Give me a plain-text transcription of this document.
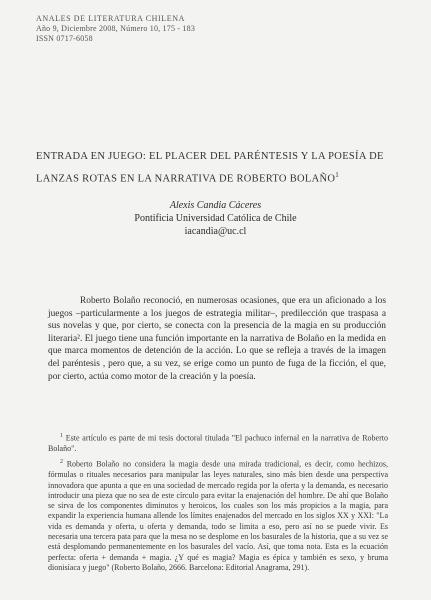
ANALES DE LITERATURA CHILENA
Año 9, Diciembre 2008, Número 10, 175 - 183
ISSN 0717-6058
ENTRADA EN JUEGO: EL PLACER DEL PARÉNTESIS Y LA POESÍA DE
LANZAS ROTAS EN LA NARRATIVA DE ROBERTO BOLAÑO$^1$
Alexis Candia Cáceres
Pontificia Universidad Católica de Chile
iacandia@uc.cl

Roberto Bolaño reconoció, en numerosas ocasiones, que era un aficionado a los juegos –particularmente a los juegos de estrategia militar–, predilección que traspasa a sus novelas y que, por cierto, se conecta con la presencia de la magia en su producción literaria². El juego tiene una función importante en la narrativa de Bolaño en la medida en que marca momentos de detención de la acción. Lo que se refleja a través de la imagen del paréntesis , pero que, a su vez, se erige como un punto de fuga de la ficción, el que, por cierto, actúa como motor de la creación y la poesía.

$^1$ Este artículo es parte de mi tesis doctoral titulada "El pachuco infernal en la narrativa de Roberto Bolaño".

$^2$ Roberto Bolaño no considera la magia desde una mirada tradicional, es decir, como hechizos, fórmulas o rituales necesarios para manipular las leyes naturales, sino más bien desde una perspectiva innovadora que apunta a que en una sociedad de mercado regida por la oferta y la demanda, es necesario introducir una pieza que no sea de este círculo para evitar la enajenación del hombre. De ahí que Bolaño se sirva de los componentes diminutos y heroicos, los cuales son los más propicios a la magia, para expandir la experiencia humana allende los límites enajenados del mercado en los siglos XX y XXI: "La vida es demanda y oferta, u oferta y demanda, todo se limita a eso, pero así no se puede vivir. Es necesaria una tercera pata para que la mesa no se desplome en los basurales de la historia, que a su vez se está desplomando permanentemente en los basurales del vacío. Así, que toma nota. Esta es la ecuación perfecta: oferta + demanda + magia. ¿Y qué es magia? Magia es épica y también es sexo, y bruma dionisíaca y juego" (Roberto Bolaño, 2666. Barcelona: Editorial Anagrama, 291).
